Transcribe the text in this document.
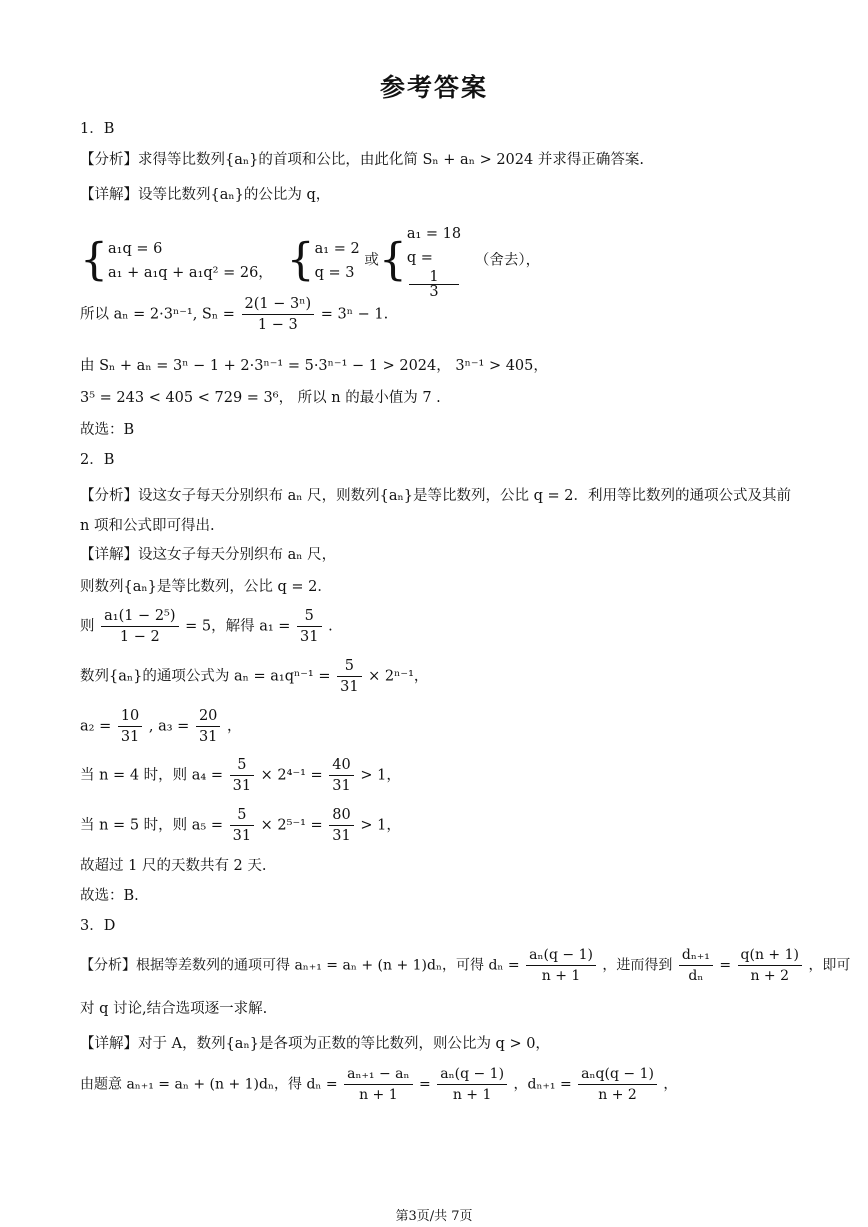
参考答案
1．B
【分析】求得等比数列{aₙ}的首项和公比，由此化简 Sₙ + aₙ > 2024 并求得正确答案.
【详解】设等比数列{aₙ}的公比为 q，
{ a₁q = 6
a₁ + a₁q + a₁q² = 26， { a₁ = 2
q = 3
或{
a₁ = 18
q =
1
3
（舍去），
所以 aₙ = 2·3ⁿ⁻¹, $S_n = \frac{\text{2(1 − 3ⁿ)}}{1 - 3} = 3^n - 1$.
由 Sₙ + aₙ = 3ⁿ − 1 + 2·3ⁿ⁻¹ = 5·3ⁿ⁻¹ − 1 > 2024， 3ⁿ⁻¹ > 405，
3⁵ = 243 < 405 < 729 = 3⁶， 所以 n 的最小值为 7 .
故选：B
2．B
【分析】设这女子每天分别织布 aₙ 尺，则数列{aₙ}是等比数列，公比 q = 2．利用等比数列的通项公式及其前 n 项和公式即可得出.
【详解】设这女子每天分别织布 aₙ 尺，
则数列{aₙ}是等比数列，公比 q = 2．
则 $\frac{\text{a₁(1 − 2⁵)}}{1 - 2} = 5$，解得 $a_1 = \frac{5}{31}$ .
数列{aₙ}的通项公式为 $a_n = a_1q^{n-1} = \frac{5}{31} \times 2^{n-1}$，
$a_2 = \frac{10}{31}$ , $a_3 = \frac{20}{31}$ ，
当 n = 4 时，则 $a_4 = \frac{5}{31} \times 2^{4-1} = \frac{40}{31} > 1$，
当 n = 5 时，则 $a_5 = \frac{5}{31} \times 2^{5-1} = \frac{80}{31} > 1$，
故超过 1 尺的天数共有 2 天.
故选：B.
3．D
【分析】根据等差数列的通项可得 aₙ₊₁ = aₙ + (n + 1)dₙ，可得 $d_n = \frac{\text{aₙ(q − 1)}}{n + 1}$ ，进而得到 $\frac{\text{dₙ₊₁}}{\text{dₙ}} = \frac{q(n + 1)}{n + 2}$ ，即可
对 q 讨论,结合选项逐一求解.
【详解】对于 A，数列{aₙ}是各项为正数的等比数列，则公比为 q > 0，
由题意 aₙ₊₁ = aₙ + (n + 1)dₙ，得 $d_n = \frac{\text{aₙ₊₁ − aₙ}}{n + 1} = \frac{\text{aₙ(q − 1)}}{n + 1}$ ，$d_{n+1} = \frac{\text{aₙq(q − 1)}}{n + 2}$ ，
第3页/共 7页
